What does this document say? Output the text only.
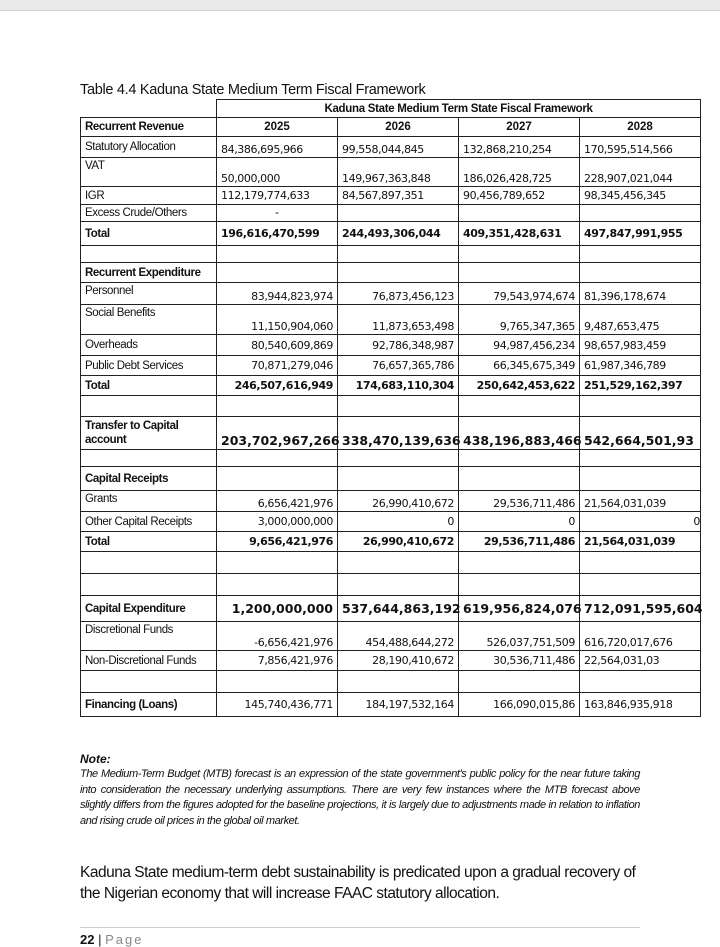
Table 4.4 Kaduna State Medium Term Fiscal Framework
	Kaduna State Medium Term State Fiscal Framework			
Recurrent Revenue	2025	2026	2027	2028
Statutory Allocation	84,386,695,966	99,558,044,845	132,868,210,254	170,595,514,566
VAT	50,000,000	149,967,363,848	186,026,428,725	228,907,021,044
IGR	112,179,774,633	84,567,897,351	90,456,789,652	98,345,456,345
Excess Crude/Others	-			
Total	196,616,470,599	244,493,306,044	409,351,428,631	497,847,991,955

Recurrent Expenditure				
Personnel	83,944,823,974	76,873,456,123	79,543,974,674	81,396,178,674
Social Benefits	11,150,904,060	11,873,653,498	9,765,347,365	9,487,653,475
Overheads	80,540,609,869	92,786,348,987	94,987,456,234	98,657,983,459
Public Debt Services	70,871,279,046	76,657,365,786	66,345,675,349	61,987,346,789
Total	246,507,616,949	174,683,110,304	250,642,453,622	251,529,162,397

Transfer to Capital
account	203,702,967,266	338,470,139,636	438,196,883,466	542,664,501,93

Capital Receipts				
Grants	6,656,421,976	26,990,410,672	29,536,711,486	21,564,031,039
Other Capital Receipts	3,000,000,000	0	0	0
Total	9,656,421,976	26,990,410,672	29,536,711,486	21,564,031,039

Capital Expenditure	1,200,000,000	537,644,863,192	619,956,824,076	712,091,595,604
Discretional Funds	-6,656,421,976	454,488,644,272	526,037,751,509	616,720,017,676
Non-Discretional Funds	7,856,421,976	28,190,410,672	30,536,711,486	22,564,031,03

Financing (Loans)	145,740,436,771	184,197,532,164	166,090,015,86	163,846,935,918
Note:
The Medium-Term Budget (MTB) forecast is an expression of the state government's public policy for the near future taking into consideration the necessary underlying assumptions. There are very few instances where the MTB forecast above slightly differs from the figures adopted for the baseline projections, it is largely due to adjustments made in relation to inflation and rising crude oil prices in the global oil market.
Kaduna State medium-term debt sustainability is predicated upon a gradual recovery of the Nigerian economy that will increase FAAC statutory allocation.
22 | Page
